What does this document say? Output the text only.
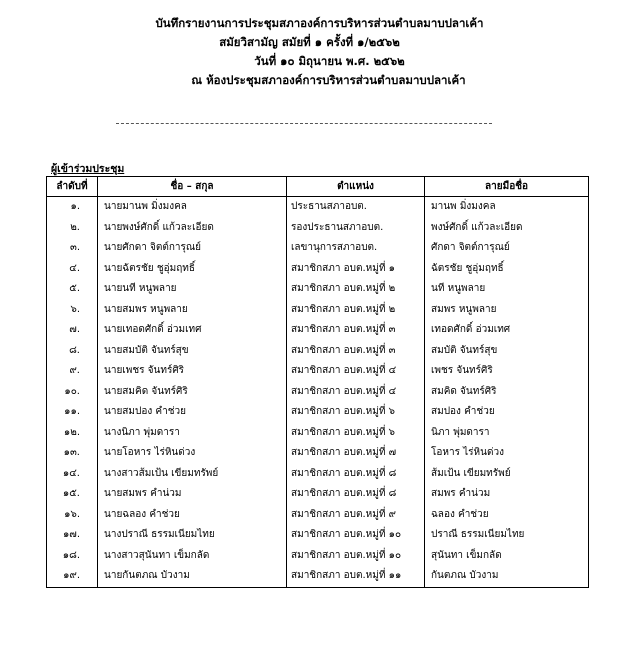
บันทึกรายงานการประชุมสภาองค์การบริหารส่วนตำบลมาบปลาเค้า
สมัยวิสามัญ สมัยที่ ๑ ครั้งที่ ๑/๒๕๖๒
วันที่ ๑๐ มิถุนายน พ.ศ. ๒๕๖๒
ณ ห้องประชุมสภาองค์การบริหารส่วนตำบลมาบปลาเค้า
ผู้เข้าร่วมประชุม
ลำดับที่	ชื่อ – สกุล	ตำแหน่ง	ลายมือชื่อ
๑.	นายมานพ มิ่งมงคล	ประธานสภาอบต.	มานพ มิ่งมงคล
๒.	นายพงษ์ศักดิ์ แก้วละเอียด	รองประธานสภาอบต.	พงษ์ศักดิ์ แก้วละเอียด
๓.	นายศักดา จิตต์การุณย์	เลขานุการสภาอบต.	ศักดา จิตต์การุณย์
๔.	นายฉัตรชัย ชูอุ่มฤทธิ์	สมาชิกสภา อบต.หมู่ที่ ๑	ฉัตรชัย ชูอุ่มฤทธิ์
๕.	นายนที หนูพลาย	สมาชิกสภา อบต.หมู่ที่ ๒	นที หนูพลาย
๖.	นายสมพร หนูพลาย	สมาชิกสภา อบต.หมู่ที่ ๒	สมพร หนูพลาย
๗.	นายเทอดศักดิ์ อ่วมเทศ	สมาชิกสภา อบต.หมู่ที่ ๓	เทอดศักดิ์ อ่วมเทศ
๘.	นายสมบัติ จันทร์สุข	สมาชิกสภา อบต.หมู่ที่ ๓	สมบัติ จันทร์สุข
๙.	นายเพชร จันทร์ศิริ	สมาชิกสภา อบต.หมู่ที่ ๔	เพชร จันทร์ศิริ
๑๐.	นายสมคิด จันทร์ศิริ	สมาชิกสภา อบต.หมู่ที่ ๔	สมคิด จันทร์ศิริ
๑๑.	นายสมปอง คำช่วย	สมาชิกสภา อบต.หมู่ที่ ๖	สมปอง คำช่วย
๑๒.	นางนิภา พุ่มดารา	สมาชิกสภา อบต.หมู่ที่ ๖	นิภา พุ่มดารา
๑๓.	นายโอหาร ไร่หินด่วง	สมาชิกสภา อบต.หมู่ที่ ๗	โอหาร ไร่หินด่วง
๑๔.	นางสาวส้มเป้น เขียมทรัพย์	สมาชิกสภา อบต.หมู่ที่ ๘	ส้มเป้น เขียมทรัพย์
๑๕.	นายสมพร คำน่วม	สมาชิกสภา อบต.หมู่ที่ ๘	สมพร คำน่วม
๑๖.	นายฉลอง คำช่วย	สมาชิกสภา อบต.หมู่ที่ ๙	ฉลอง คำช่วย
๑๗.	นางปราณี ธรรมเนียมไทย	สมาชิกสภา อบต.หมู่ที่ ๑๐	ปราณี ธรรมเนียมไทย
๑๘.	นางสาวสุนันทา เข็มกลัด	สมาชิกสภา อบต.หมู่ที่ ๑๐	สุนันทา เข็มกลัด
๑๙.	นายกันตภณ บัวงาม	สมาชิกสภา อบต.หมู่ที่ ๑๑	กันตภณ บัวงาม
